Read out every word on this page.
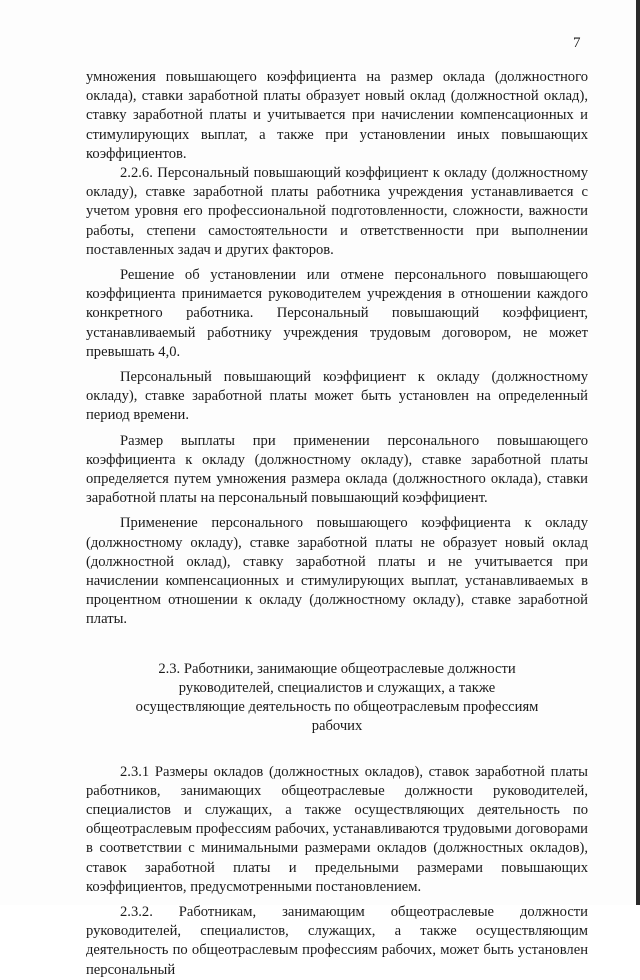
7

умножения повышающего коэффициента на размер оклада (должностного оклада), ставки заработной платы образует новый оклад (должностной оклад), ставку заработной платы и учитывается при начислении компенсационных и стимулирующих выплат, а также при установлении иных повышающих коэффициентов.

2.2.6. Персональный повышающий коэффициент к окладу (должностному окладу), ставке заработной платы работника учреждения устанавливается с учетом уровня его профессиональной подготовленности, сложности, важности работы, степени самостоятельности и ответственности при выполнении поставленных задач и других факторов.

Решение об установлении или отмене персонального повышающего коэффициента принимается руководителем учреждения в отношении каждого конкретного работника. Персональный повышающий коэффициент, устанавливаемый работнику учреждения трудовым договором, не может превышать 4,0.

Персональный повышающий коэффициент к окладу (должностному окладу), ставке заработной платы может быть установлен на определенный период времени.

Размер выплаты при применении персонального повышающего коэффициента к окладу (должностному окладу), ставке заработной платы определяется путем умножения размера оклада (должностного оклада), ставки заработной платы на персональный повышающий коэффициент.

Применение персонального повышающего коэффициента к окладу (должностному окладу), ставке заработной платы не образует новый оклад (должностной оклад), ставку заработной платы и не учитывается при начислении компенсационных и стимулирующих выплат, устанавливаемых в процентном отношении к окладу (должностному окладу), ставке заработной платы.

2.3. Работники, занимающие общеотраслевые должности
руководителей, специалистов и служащих, а также
осуществляющие деятельность по общеотраслевым профессиям
рабочих

2.3.1 Размеры окладов (должностных окладов), ставок заработной платы работников, занимающих общеотраслевые должности руководителей, специалистов и служащих, а также осуществляющих деятельность по общеотраслевым профессиям рабочих, устанавливаются трудовыми договорами в соответствии с минимальными размерами окладов (должностных окладов), ставок заработной платы и предельными размерами повышающих коэффициентов, предусмотренными постановлением.

2.3.2. Работникам, занимающим общеотраслевые должности руководителей, специалистов, служащих, а также осуществляющим деятельность по общеотраслевым профессиям рабочих, может быть установлен персональный
